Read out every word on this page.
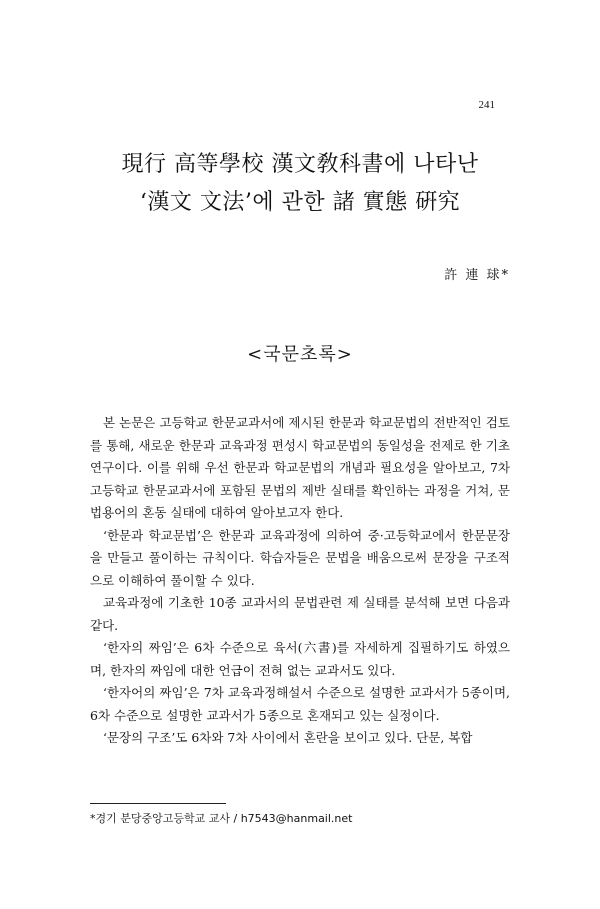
241
現行 高等學校 漢文敎科書에 나타난
‘漢文 文法’에 관한 諸 實態 硏究
許 連 球*
<국문초록>

본 논문은 고등학교 한문교과서에 제시된 한문과 학교문법의 전반적인 검토를 통해, 새로운 한문과 교육과정 편성시 학교문법의 동일성을 전제로 한 기초연구이다. 이를 위해 우선 한문과 학교문법의 개념과 필요성을 알아보고, 7차 고등학교 한문교과서에 포함된 문법의 제반 실태를 확인하는 과정을 거쳐, 문법용어의 혼동 실태에 대하여 알아보고자 한다.

‘한문과 학교문법’은 한문과 교육과정에 의하여 중·고등학교에서 한문문장을 만들고 풀이하는 규칙이다. 학습자들은 문법을 배움으로써 문장을 구조적으로 이해하여 풀이할 수 있다.

교육과정에 기초한 10종 교과서의 문법관련 제 실태를 분석해 보면 다음과 같다.

‘한자의 짜임’은 6차 수준으로 육서(六書)를 자세하게 집필하기도 하였으며, 한자의 짜임에 대한 언급이 전혀 없는 교과서도 있다.

‘한자어의 짜임’은 7차 교육과정해설서 수준으로 설명한 교과서가 5종이며, 6차 수준으로 설명한 교과서가 5종으로 혼재되고 있는 실정이다.

‘문장의 구조’도 6차와 7차 사이에서 혼란을 보이고 있다. 단문, 복합

*경기 분당중앙고등학교 교사 / h7543@hanmail.net
